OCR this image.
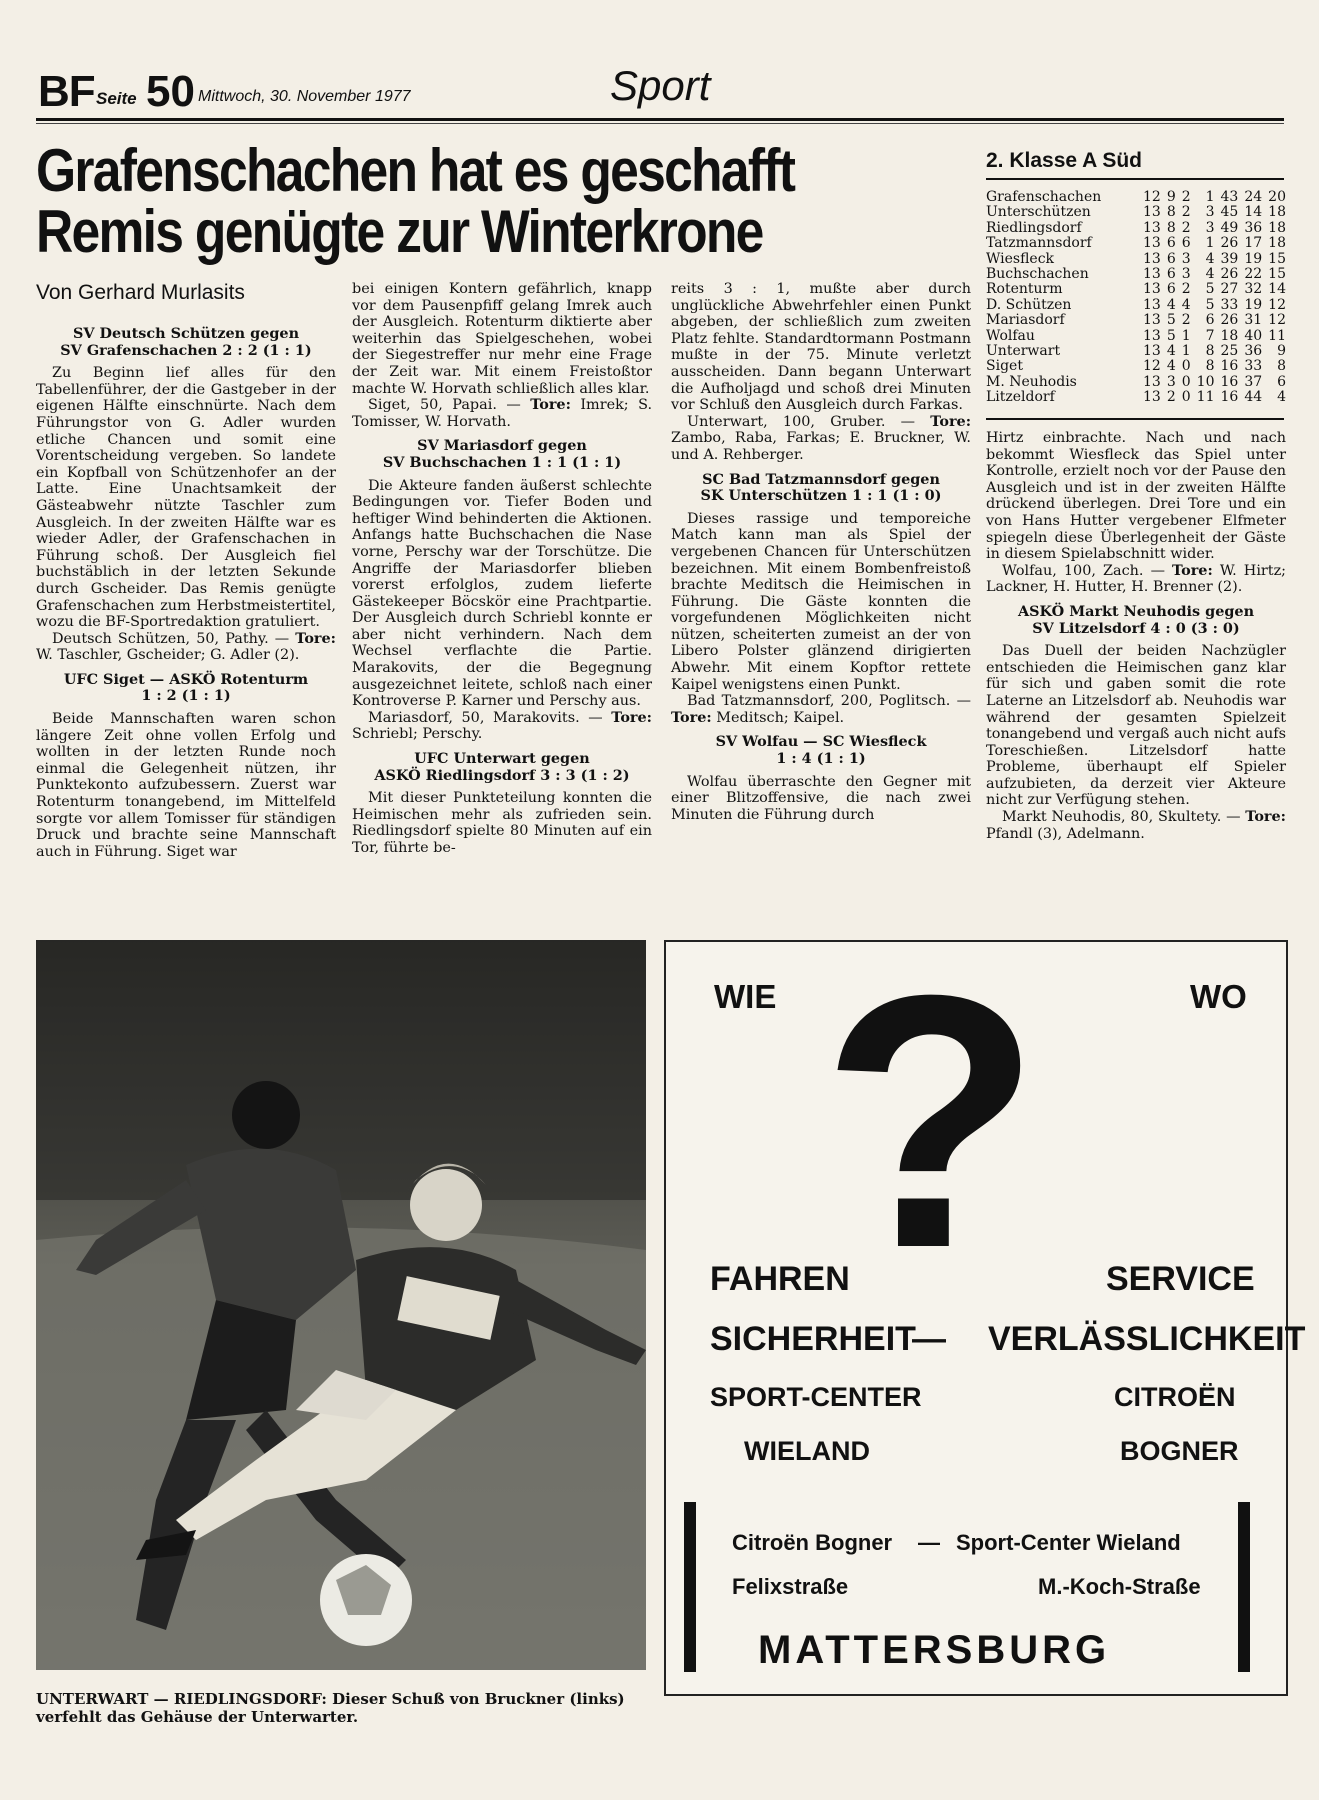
BF Seite 50 Mittwoch, 30. November 1977	Sport
Grafenschachen hat es geschafft
Remis genügte zur Winterkrone
Von Gerhard Murlasits

SV Deutsch Schützen gegen
SV Grafenschachen 2 : 2 (1 : 1)

Zu Beginn lief alles für den Tabellenführer, der die Gastgeber in der eigenen Hälfte einschnürte. Nach dem Führungstor von G. Adler wurden etliche Chancen und somit eine Vorentscheidung vergeben. So landete ein Kopfball von Schützenhofer an der Latte. Eine Unachtsamkeit der Gästeabwehr nützte Taschler zum Ausgleich. In der zweiten Hälfte war es wieder Adler, der Grafenschachen in Führung schoß. Der Ausgleich fiel buchstäblich in der letzten Sekunde durch Gscheider. Das Remis genügte Grafenschachen zum Herbstmeistertitel, wozu die BF-Sportredaktion gratuliert.

Deutsch Schützen, 50, Pathy. — Tore: W. Taschler, Gscheider; G. Adler (2).

UFC Siget — ASKÖ Rotenturm
1 : 2 (1 : 1)

Beide Mannschaften waren schon längere Zeit ohne vollen Erfolg und wollten in der letzten Runde noch einmal die Gelegenheit nützen, ihr Punktekonto aufzubessern. Zuerst war Rotenturm tonangebend, im Mittelfeld sorgte vor allem Tomisser für ständigen Druck und brachte seine Mannschaft auch in Führung. Siget war

bei einigen Kontern gefährlich, knapp vor dem Pausenpfiff gelang Imrek auch der Ausgleich. Rotenturm diktierte aber weiterhin das Spielgeschehen, wobei der Siegestreffer nur mehr eine Frage der Zeit war. Mit einem Freistoßtor machte W. Horvath schließlich alles klar.

Siget, 50, Papai. — Tore: Imrek; S. Tomisser, W. Horvath.

SV Mariasdorf gegen
SV Buchschachen 1 : 1 (1 : 1)

Die Akteure fanden äußerst schlechte Bedingungen vor. Tiefer Boden und heftiger Wind behinderten die Aktionen. Anfangs hatte Buchschachen die Nase vorne, Perschy war der Torschütze. Die Angriffe der Mariasdorfer blieben vorerst erfolglos, zudem lieferte Gästekeeper Böcskör eine Prachtpartie. Der Ausgleich durch Schriebl konnte er aber nicht verhindern. Nach dem Wechsel verflachte die Partie. Marakovits, der die Begegnung ausgezeichnet leitete, schloß nach einer Kontroverse P. Karner und Perschy aus.

Mariasdorf, 50, Marakovits. — Tore: Schriebl; Perschy.

UFC Unterwart gegen
ASKÖ Riedlingsdorf 3 : 3 (1 : 2)

Mit dieser Punkteteilung konnten die Heimischen mehr als zufrieden sein. Riedlingsdorf spielte 80 Minuten auf ein Tor, führte be-

reits 3 : 1, mußte aber durch unglückliche Abwehrfehler einen Punkt abgeben, der schließlich zum zweiten Platz fehlte. Standardtormann Postmann mußte in der 75. Minute verletzt ausscheiden. Dann begann Unterwart die Aufholjagd und schoß drei Minuten vor Schluß den Ausgleich durch Farkas.

Unterwart, 100, Gruber. — Tore: Zambo, Raba, Farkas; E. Bruckner, W. und A. Rehberger.

SC Bad Tatzmannsdorf gegen
SK Unterschützen 1 : 1 (1 : 0)

Dieses rassige und temporeiche Match kann man als Spiel der vergebenen Chancen für Unterschützen bezeichnen. Mit einem Bombenfreistoß brachte Meditsch die Heimischen in Führung. Die Gäste konnten die vorgefundenen Möglichkeiten nicht nützen, scheiterten zumeist an der von Libero Polster glänzend dirigierten Abwehr. Mit einem Kopftor rettete Kaipel wenigstens einen Punkt.

Bad Tatzmannsdorf, 200, Poglitsch. — Tore: Meditsch; Kaipel.

SV Wolfau — SC Wiesfleck
1 : 4 (1 : 1)

Wolfau überraschte den Gegner mit einer Blitzoffensive, die nach zwei Minuten die Führung durch

2. Klasse A Süd
Grafenschachen	12	9	2	1	43	24	20
Unterschützen	13	8	2	3	45	14	18
Riedlingsdorf	13	8	2	3	49	36	18
Tatzmannsdorf	13	6	6	1	26	17	18
Wiesfleck	13	6	3	4	39	19	15
Buchschachen	13	6	3	4	26	22	15
Rotenturm	13	6	2	5	27	32	14
D. Schützen	13	4	4	5	33	19	12
Mariasdorf	13	5	2	6	26	31	12
Wolfau	13	5	1	7	18	40	11
Unterwart	13	4	1	8	25	36	9
Siget	12	4	0	8	16	33	8
M. Neuhodis	13	3	0	10	16	37	6
Litzeldorf	13	2	0	11	16	44	4

Hirtz einbrachte. Nach und nach bekommt Wiesfleck das Spiel unter Kontrolle, erzielt noch vor der Pause den Ausgleich und ist in der zweiten Hälfte drückend überlegen. Drei Tore und ein von Hans Hutter vergebener Elfmeter spiegeln diese Überlegenheit der Gäste in diesem Spielabschnitt wider.

Wolfau, 100, Zach. — Tore: W. Hirtz; Lackner, H. Hutter, H. Brenner (2).

ASKÖ Markt Neuhodis gegen
SV Litzelsdorf 4 : 0 (3 : 0)

Das Duell der beiden Nachzügler entschieden die Heimischen ganz klar für sich und gaben somit die rote Laterne an Litzelsdorf ab. Neuhodis war während der gesamten Spielzeit tonangebend und vergaß auch nicht aufs Toreschießen. Litzelsdorf hatte Probleme, überhaupt elf Spieler aufzubieten, da derzeit vier Akteure nicht zur Verfügung stehen.

Markt Neuhodis, 80, Skultety. — Tore: Pfandl (3), Adelmann.

UNTERWART — RIEDLINGSDORF: Dieser Schuß von Bruckner (links) verfehlt das Gehäuse der Unterwarter.
WIE	WO
?
FAHREN	SERVICE
SICHERHEIT
— VERLÄSSLICHKEIT
SPORT-CENTER	CITROËN
WIELAND	BOGNER
Citroën Bogner — Sport-Center Wieland
Felixstraße	M.-Koch-Straße
MATTERSBURG
